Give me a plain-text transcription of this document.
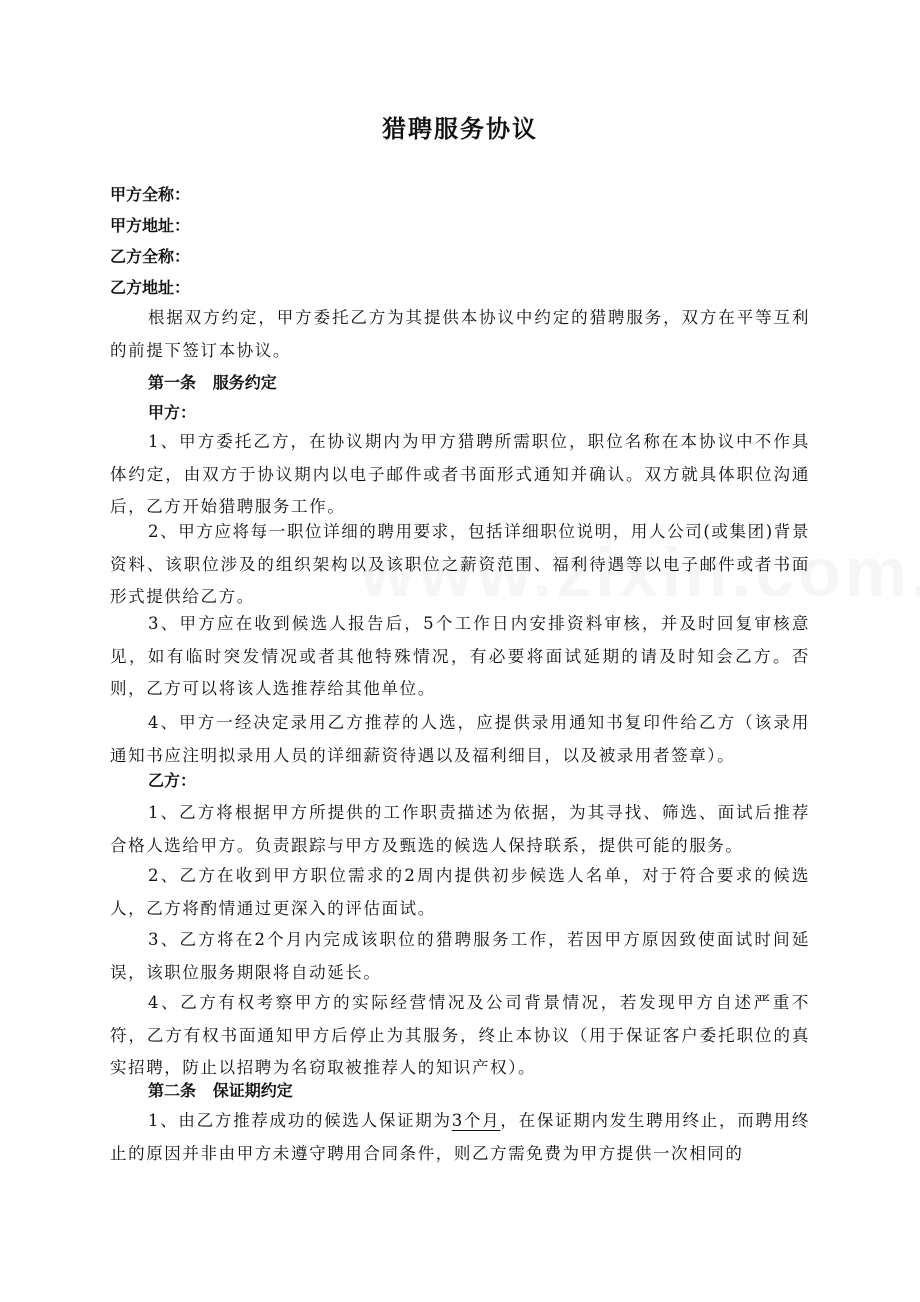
猎聘服务协议
甲方全称：
甲方地址：
乙方全称：
乙方地址：
根据双方约定，甲方委托乙方为其提供本协议中约定的猎聘服务，双方在平等互利的前提下签订本协议。
第一条   服务约定
甲方：
1、甲方委托乙方，在协议期内为甲方猎聘所需职位，职位名称在本协议中不作具体约定，由双方于协议期内以电子邮件或者书面形式通知并确认。双方就具体职位沟通后，乙方开始猎聘服务工作。
2、甲方应将每一职位详细的聘用要求，包括详细职位说明，用人公司(或集团)背景资料、该职位涉及的组织架构以及该职位之薪资范围、福利待遇等以电子邮件或者书面形式提供给乙方。
3、甲方应在收到候选人报告后，5个工作日内安排资料审核，并及时回复审核意见，如有临时突发情况或者其他特殊情况，有必要将面试延期的请及时知会乙方。否则，乙方可以将该人选推荐给其他单位。
4、甲方一经决定录用乙方推荐的人选，应提供录用通知书复印件给乙方（该录用通知书应注明拟录用人员的详细薪资待遇以及福利细目，以及被录用者签章）。
乙方：
1、乙方将根据甲方所提供的工作职责描述为依据，为其寻找、筛选、面试后推荐合格人选给甲方。负责跟踪与甲方及甄选的候选人保持联系，提供可能的服务。
2、乙方在收到甲方职位需求的2周内提供初步候选人名单，对于符合要求的候选人，乙方将酌情通过更深入的评估面试。
3、乙方将在2个月内完成该职位的猎聘服务工作，若因甲方原因致使面试时间延误，该职位服务期限将自动延长。
4、乙方有权考察甲方的实际经营情况及公司背景情况，若发现甲方自述严重不符，乙方有权书面通知甲方后停止为其服务，终止本协议（用于保证客户委托职位的真实招聘，防止以招聘为名窃取被推荐人的知识产权）。
第二条   保证期约定
1、由乙方推荐成功的候选人保证期为3个月，在保证期内发生聘用终止，而聘用终止的原因并非由甲方未遵守聘用合同条件，则乙方需免费为甲方提供一次相同的
